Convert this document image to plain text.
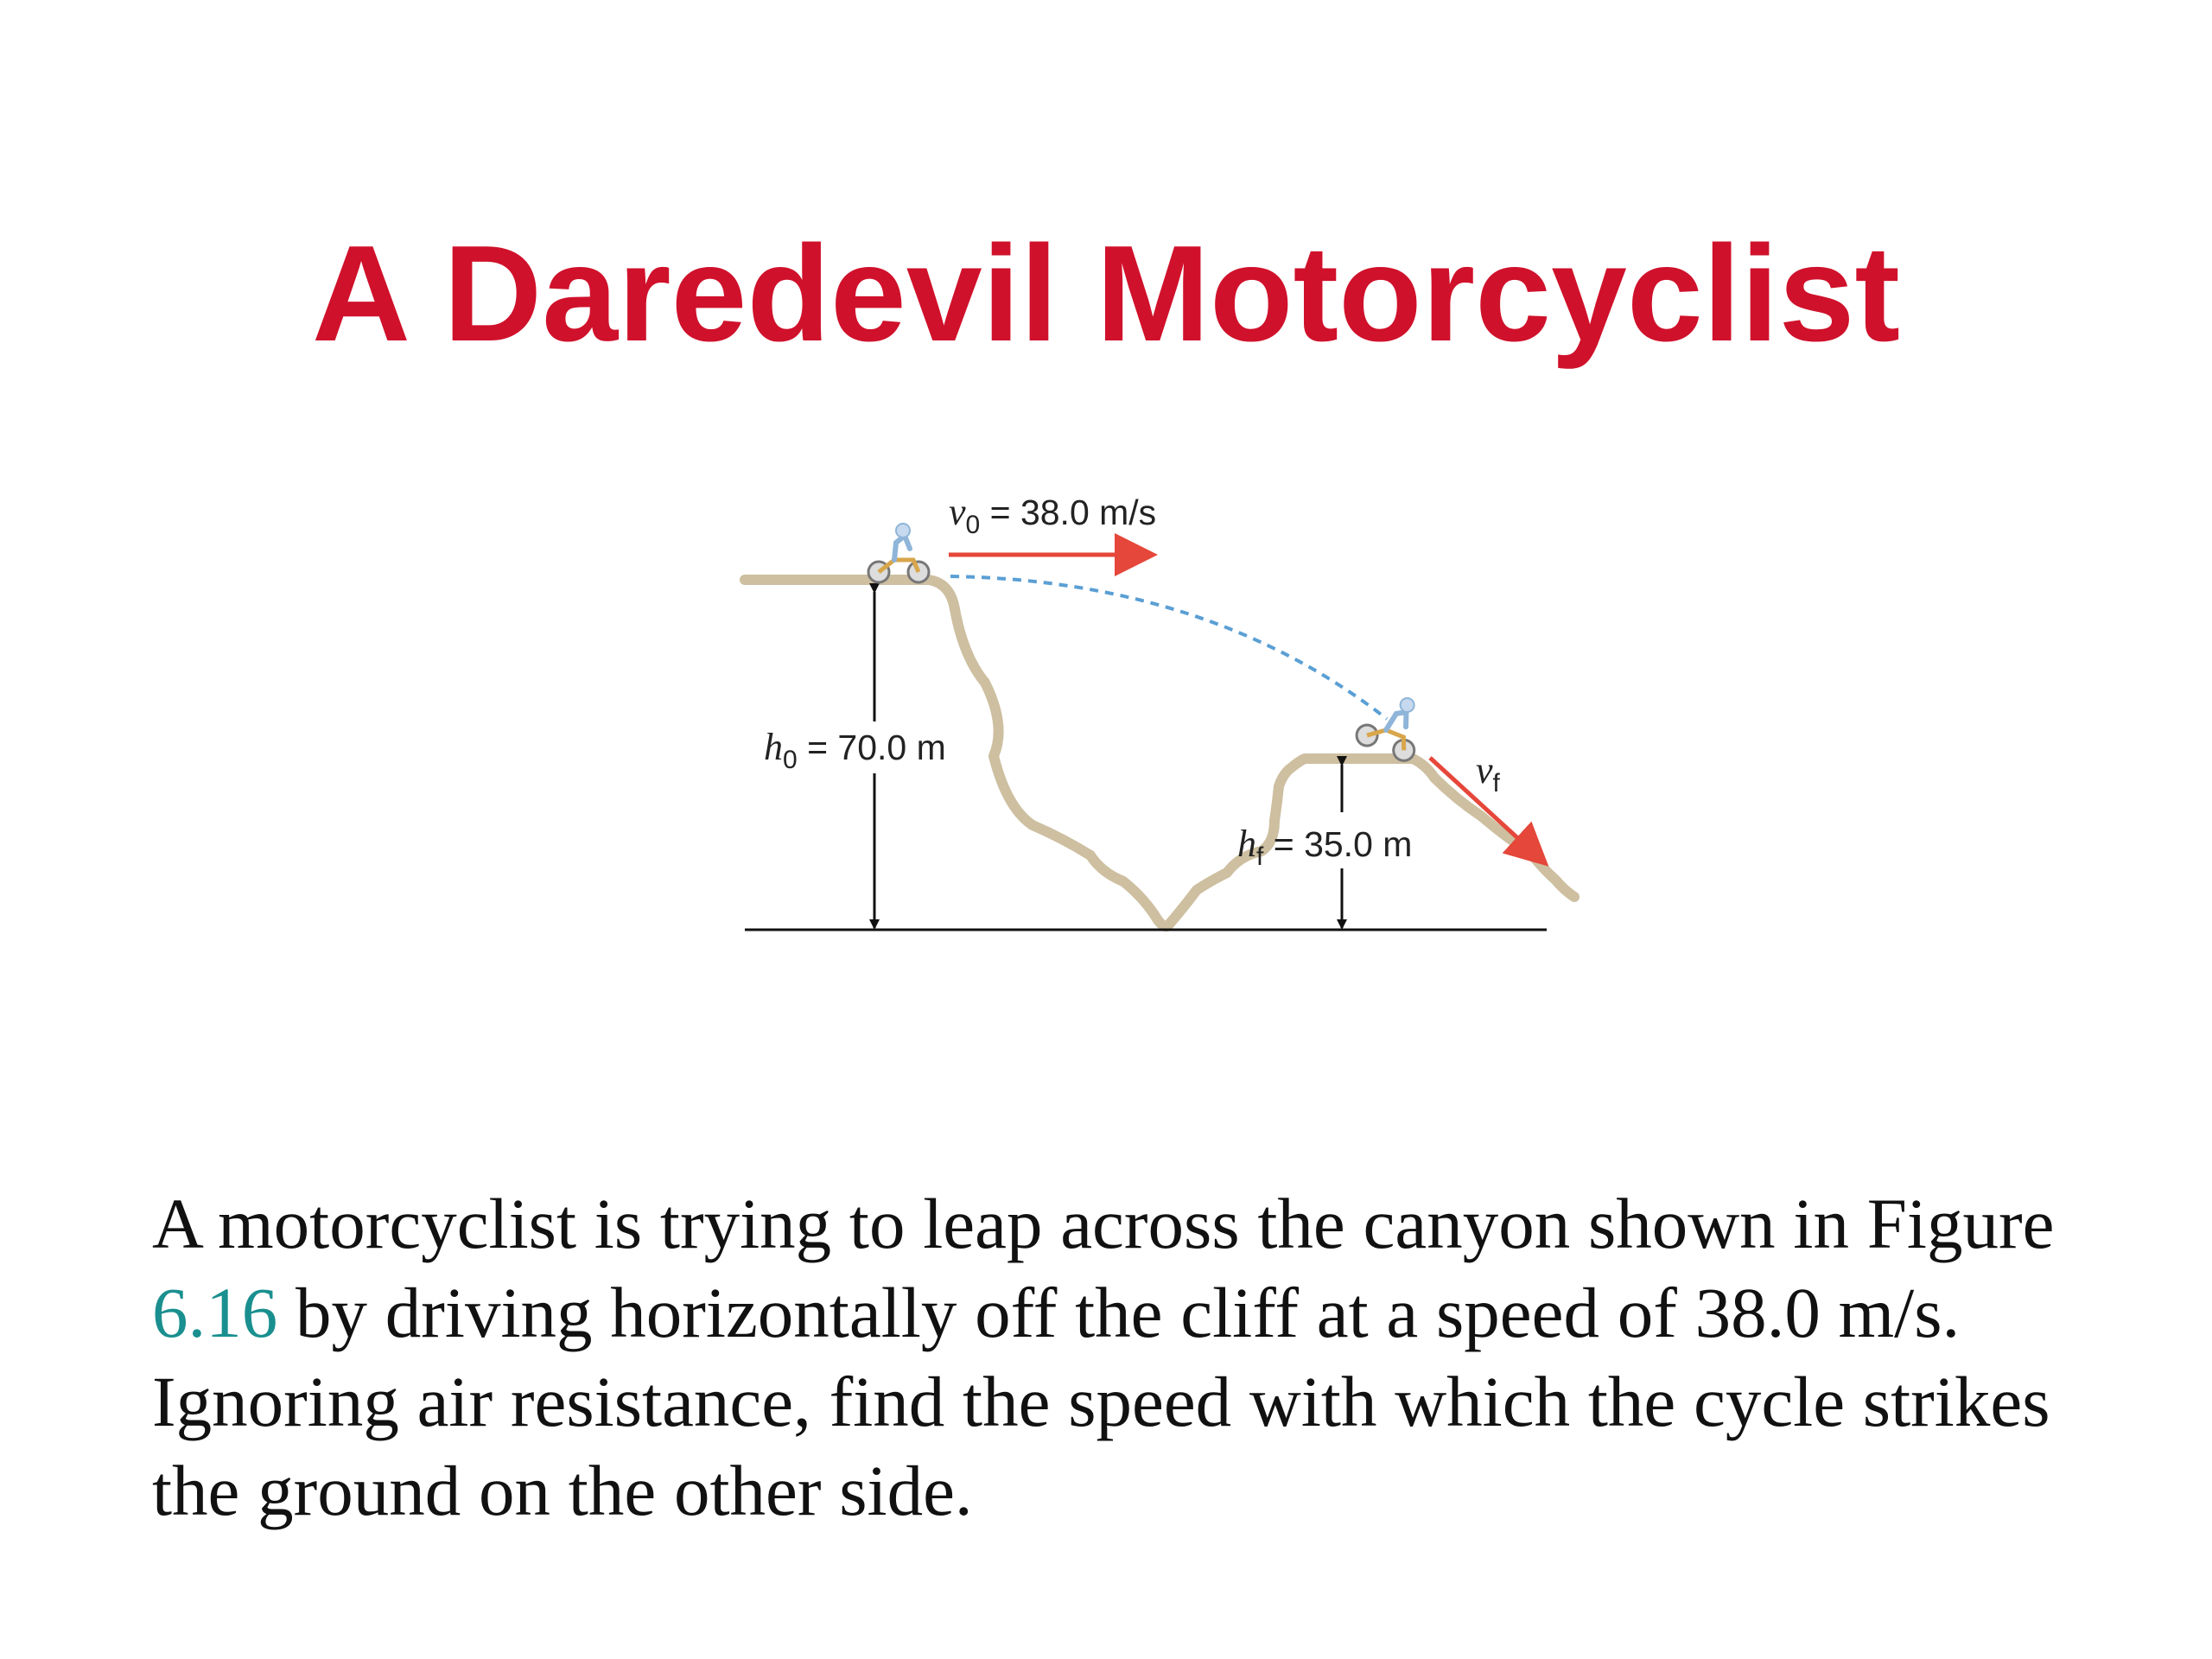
A Daredevil Motorcyclist
v0 = 38.0 m/s
h0 = 70.0 m
hf = 35.0 m
vf

A motorcyclist is trying to leap across the canyon shown in Figure 6.16 by driving horizontally off the cliff at a speed of 38.0 m/s. Ignoring air resistance, find the speed with which the cycle strikes the ground on the other side.
